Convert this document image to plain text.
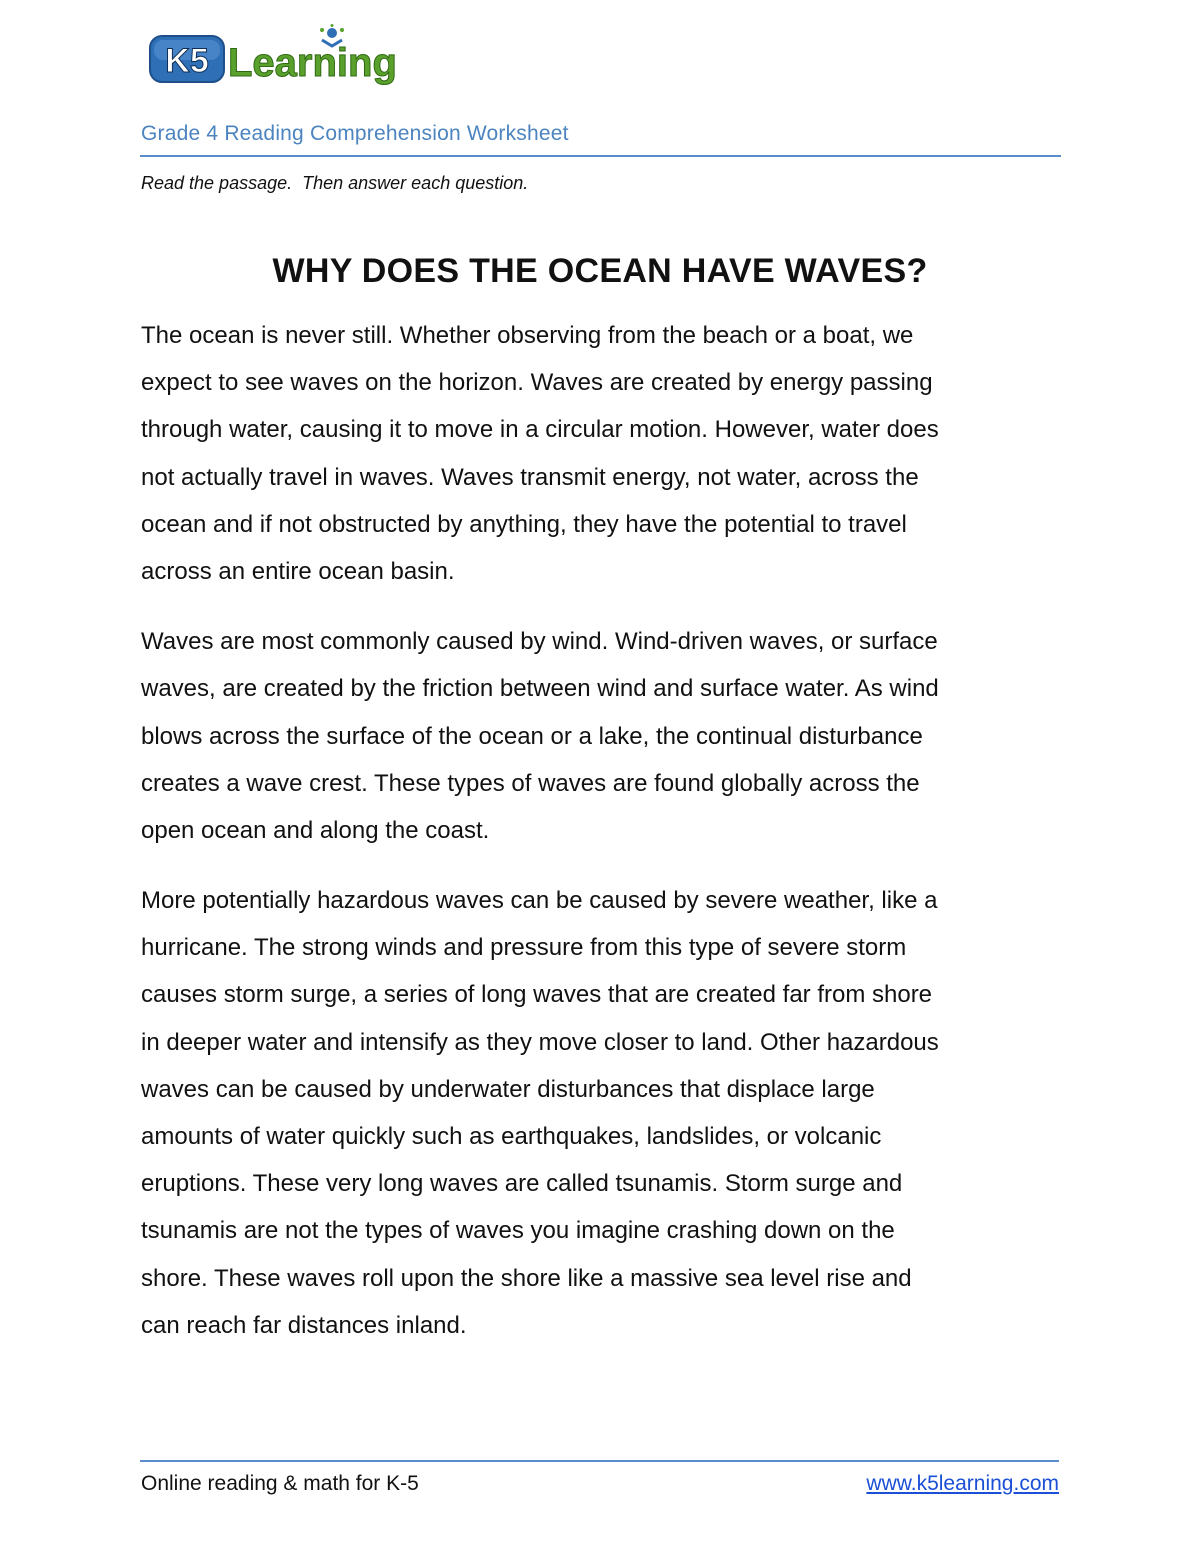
K5 Learning
Grade 4 Reading Comprehension Worksheet
Read the passage.  Then answer each question.
WHY DOES THE OCEAN HAVE WAVES?
The ocean is never still. Whether observing from the beach or a boat, we
expect to see waves on the horizon. Waves are created by energy passing
through water, causing it to move in a circular motion. However, water does
not actually travel in waves. Waves transmit energy, not water, across the
ocean and if not obstructed by anything, they have the potential to travel
across an entire ocean basin.
Waves are most commonly caused by wind. Wind-driven waves, or surface
waves, are created by the friction between wind and surface water. As wind
blows across the surface of the ocean or a lake, the continual disturbance
creates a wave crest. These types of waves are found globally across the
open ocean and along the coast.
More potentially hazardous waves can be caused by severe weather, like a
hurricane. The strong winds and pressure from this type of severe storm
causes storm surge, a series of long waves that are created far from shore
in deeper water and intensify as they move closer to land. Other hazardous
waves can be caused by underwater disturbances that displace large
amounts of water quickly such as earthquakes, landslides, or volcanic
eruptions. These very long waves are called tsunamis. Storm surge and
tsunamis are not the types of waves you imagine crashing down on the
shore. These waves roll upon the shore like a massive sea level rise and
can reach far distances inland.
Online reading & math for K-5	www.k5learning.com
